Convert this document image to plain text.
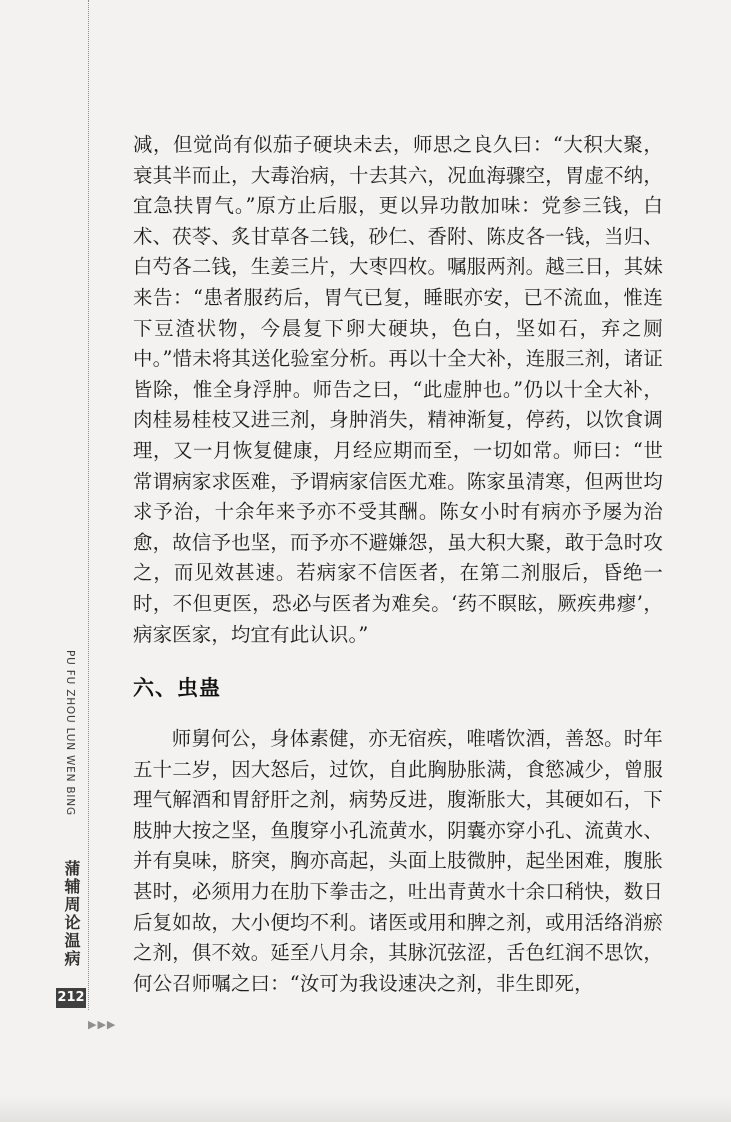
减，但觉尚有似茄子硬块未去，师思之良久曰：“大积大聚，衰其半而止，大毒治病，十去其六，况血海骤空，胃虚不纳，宜急扶胃气。”原方止后服，更以异功散加味：党参三钱，白术、茯苓、炙甘草各二钱，砂仁、香附、陈皮各一钱，当归、白芍各二钱，生姜三片，大枣四枚。嘱服两剂。越三日，其妹来告：“患者服药后，胃气已复，睡眠亦安，已不流血，惟连下豆渣状物，今晨复下卵大硬块，色白，坚如石，弃之厕中。”惜未将其送化验室分析。再以十全大补，连服三剂，诸证皆除，惟全身浮肿。师告之曰，“此虚肿也。”仍以十全大补，肉桂易桂枝又进三剂，身肿消失，精神渐复，停药，以饮食调理，又一月恢复健康，月经应期而至，一切如常。师曰：“世常谓病家求医难，予谓病家信医尤难。陈家虽清寒，但两世均求予治，十余年来予亦不受其酬。陈女小时有病亦予屡为治愈，故信予也坚，而予亦不避嫌怨，虽大积大聚，敢于急时攻之，而见效甚速。若病家不信医者，在第二剂服后，昏绝一时，不但更医，恐必与医者为难矣。‘药不瞑眩，厥疾弗瘳’，病家医家，均宜有此认识。”

六、虫蛊

师舅何公，身体素健，亦无宿疾，唯嗜饮酒，善怒。时年五十二岁，因大怒后，过饮，自此胸胁胀满，食慾减少，曾服理气解酒和胃舒肝之剂，病势反进，腹渐胀大，其硬如石，下肢肿大按之坚，鱼腹穿小孔流黄水，阴囊亦穿小孔、流黄水、并有臭味，脐突，胸亦高起，头面上肢微肿，起坐困难，腹胀甚时，必须用力在肋下拳击之，吐出青黄水十余口稍快，数日后复如故，大小便均不利。诸医或用和脾之剂，或用活络消瘀之剂，俱不效。延至八月余，其脉沉弦涩，舌色红润不思饮，何公召师嘱之曰：“汝可为我设速决之剂，非生即死，

PU FU ZHOU LUN WEN BING
蒲辅周论温病
212
▶▶▶
